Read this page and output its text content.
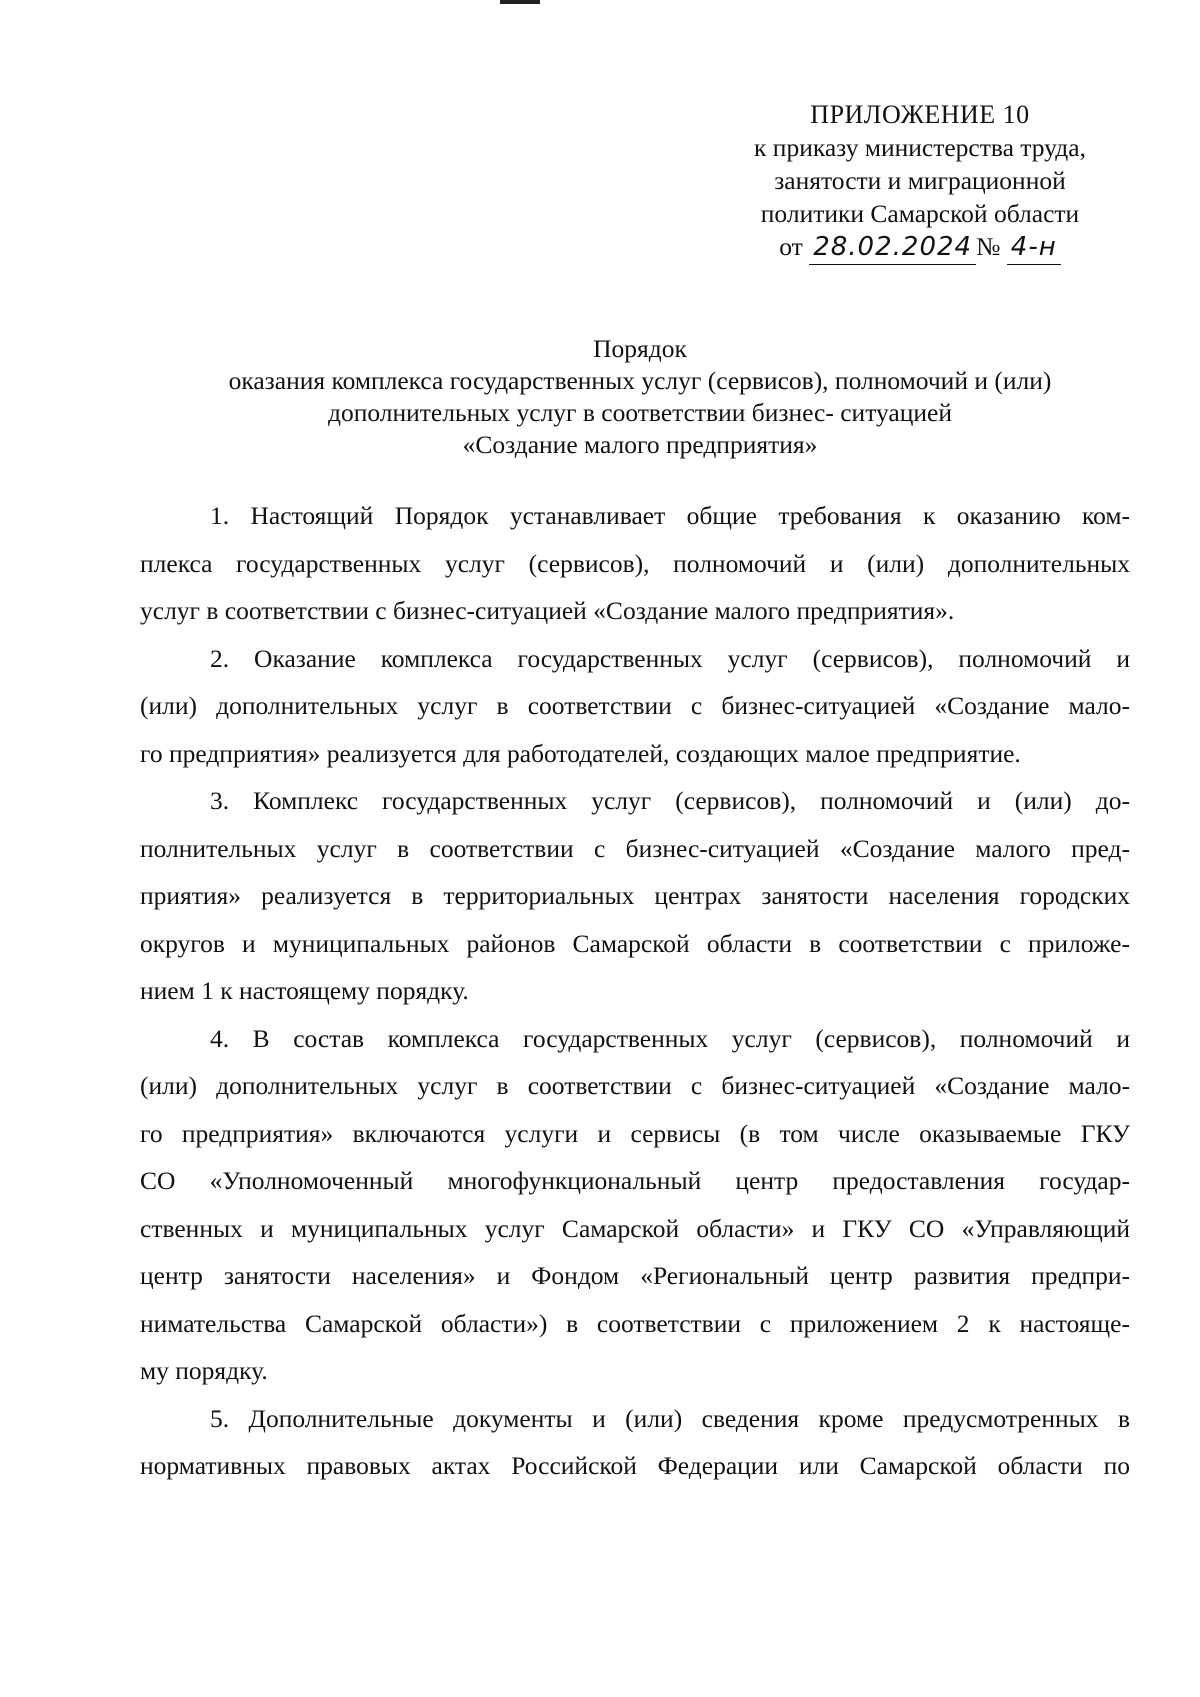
ПРИЛОЖЕНИЕ 10
к приказу министерства труда,
занятости и миграционной
политики Самарской области
от 28.02.2024 № 4-н
Порядок
оказания комплекса государственных услуг (сервисов), полномочий и (или)
дополнительных услуг в соответствии бизнес- ситуацией
«Создание малого предприятия»
1. Настоящий Порядок устанавливает общие требования к оказанию ком-
плекса государственных услуг (сервисов), полномочий и (или) дополнительных
услуг в соответствии с бизнес-ситуацией «Создание малого предприятия».
2. Оказание комплекса государственных услуг (сервисов), полномочий и
(или) дополнительных услуг в соответствии с бизнес-ситуацией «Создание мало-
го предприятия» реализуется для работодателей, создающих малое предприятие.
3. Комплекс государственных услуг (сервисов), полномочий и (или) до-
полнительных услуг в соответствии с бизнес-ситуацией «Создание малого пред-
приятия» реализуется в территориальных центрах занятости населения городских
округов и муниципальных районов Самарской области в соответствии с приложе-
нием 1 к настоящему порядку.
4. В состав комплекса государственных услуг (сервисов), полномочий и
(или) дополнительных услуг в соответствии с бизнес-ситуацией «Создание мало-
го предприятия» включаются услуги и сервисы (в том числе оказываемые ГКУ
СО «Уполномоченный многофункциональный центр предоставления государ-
ственных и муниципальных услуг Самарской области» и ГКУ СО «Управляющий
центр занятости населения» и Фондом «Региональный центр развития предпри-
нимательства Самарской области») в соответствии с приложением 2 к настояще-
му порядку.
5. Дополнительные документы и (или) сведения кроме предусмотренных в
нормативных правовых актах Российской Федерации или Самарской области по
